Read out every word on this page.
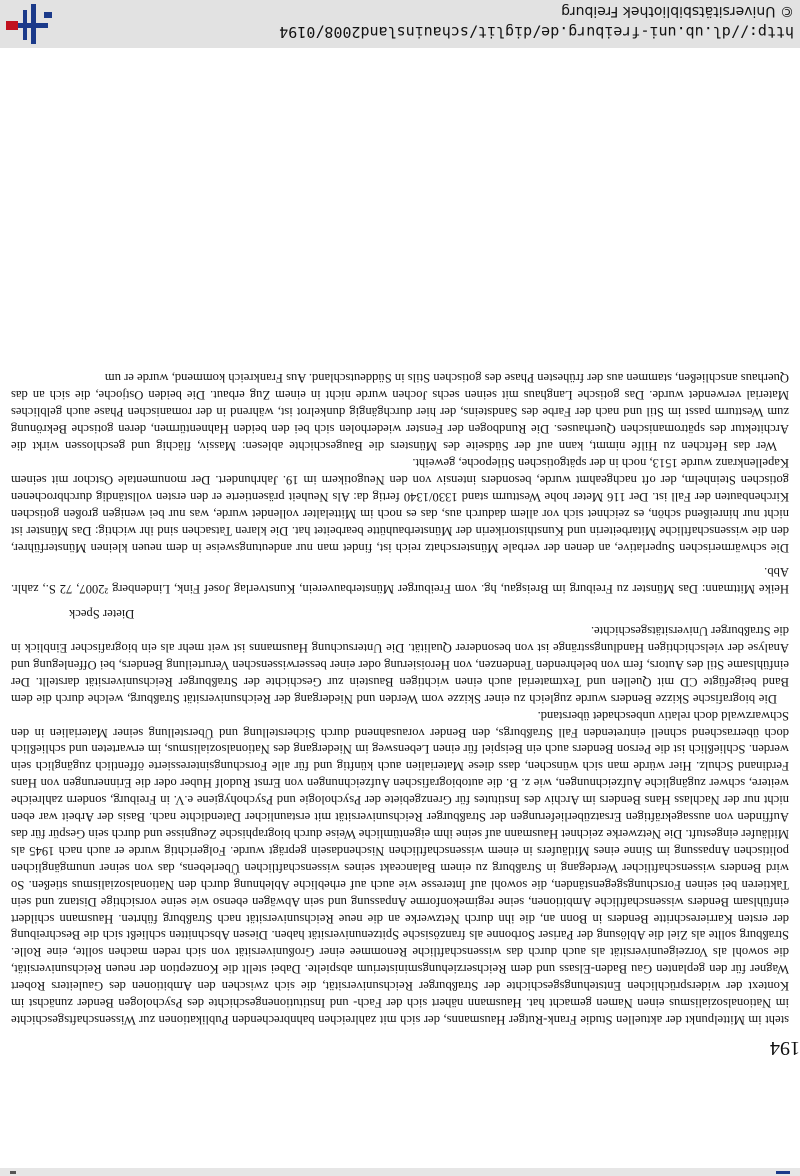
steht im Mittelpunkt der aktuellen Studie Frank-Rutger Hausmanns, der sich mit zahlreichen bahnbrechenden Publikationen zur Wissenschaftsgeschichte im Nationalsozialismus einen Namen gemacht hat. Hausmann nähert sich der Fach- und Institutionengeschichte des Psychologen Bender zunächst im Kontext der widersprüchlichen Entstehungsgeschichte der Straßburger Reichsuniversität, die sich zwischen den Ambitionen des Gauleiters Robert Wagner für den geplanten Gau Baden-Elsass und dem Reichserziehungsministerium abspielte. Dabei stellt die Konzeption der neuen Reichsuniversität, die sowohl als Vorzeigeuniversität als auch durch das wissenschaftliche Renommee einer Großuniversität von sich reden machen sollte, eine Rolle. Straßburg sollte als Ziel die Ablösung der Pariser Sorbonne als französische Spitzenuniversität haben. Diesen Abschnitten schließt sich die Beschreibung der ersten Karriereschritte Benders in Bonn an, die ihn durch Netzwerke an die neue Reichsuniversität nach Straßburg führten. Hausmann schildert einfühlsam Benders wissenschaftliche Ambitionen, seine regimekonforme Anpassung und sein Abwägen ebenso wie seine vorsichtige Distanz und sein Taktieren bei seinen Forschungsgegenständen, die sowohl auf Interesse wie auch auf erhebliche Ablehnung durch den Nationalsozialismus stießen. So wird Benders wissenschaftlicher Werdegang in Straßburg zu einem Balanceakt seines wissenschaftlichen Überlebens, das von seiner unumgänglichen politischen Anpassung im Sinne eines Mitläufers in einem wissenschaftlichen Nischendasein geprägt wurde. Folgerichtig wurde er auch nach 1945 als Mitläufer eingestuft. Die Netzwerke zeichnet Hausmann auf seine ihm eigentümliche Weise durch biographische Zeugnisse und durch sein Gespür für das Auffinden von aussagekräftigen Ersatzüberlieferungen der Straßburger Reichsuniversität mit erstaunlicher Datendichte nach. Basis der Arbeit war eben nicht nur der Nachlass Hans Benders im Archiv des Institutes für Grenzgebiete der Psychologie und Psychohygiene e.V. in Freiburg, sondern zahlreiche weitere, schwer zugängliche Aufzeichnungen, wie z. B. die autobiografischen Aufzeichnungen von Ernst Rudolf Huber oder die Erinnerungen von Hans Ferdinand Schulz. Hier würde man sich wünschen, dass diese Materialien auch künftig und für alle Forschungsinteressierte öffentlich zugänglich sein werden. Schließlich ist die Person Benders auch ein Beispiel für einen Lebensweg im Niedergang des Nationalsozialismus, im erwarteten und schließlich doch überraschend schnell eintretenden Fall Straßburgs, den Bender vorausahnend durch Sicherstellung und Überstellung seiner Materialien in den Schwarzwald doch relativ unbeschadet überstand.

Die biografische Skizze Benders wurde zugleich zu einer Skizze vom Werden und Niedergang der Reichsuniversität Straßburg, welche durch die dem Band beigefügte CD mit Quellen und Textmaterial auch einen wichtigen Baustein zur Geschichte der Straßburger Reichsuniversität darstellt. Der einfühlsame Stil des Autors, fern von belehrenden Tendenzen, von Heroisierung oder einer besserwissenschen Verurteilung Benders, bei Offenlegung und Analyse der vielschichtigen Handlungsstränge ist von besonderer Qualität. Die Untersuchung Hausmanns ist weit mehr als ein biografischer Einblick in die Straßburger Universitätsgeschichte.

Dieter Speck

Heike Mittmann: Das Münster zu Freiburg im Breisgau, hg. vom Freiburger Münsterbauverein, Kunstverlag Josef Fink, Lindenberg ²2007, 72 S., zahlr. Abb.

Die schwärmerischen Superlative, an denen der verbale Münsterschatz reich ist, findet man nur andeutungsweise in dem neuen kleinen Münsterführer, den die wissenschaftliche Mitarbeiterin und Kunsthistorikerin der Münsterbauhütte bearbeitet hat. Die klaren Tatsachen sind ihr wichtig: Das Münster ist nicht nur hinreißend schön, es zeichnet sich vor allem dadurch aus, das es noch im Mittelalter vollendet wurde, was nur bei wenigen großen gotischen Kirchenbauten der Fall ist. Der 116 Meter hohe Westturm stand 1330/1340 fertig da: Als Neuheit präsentierte er den ersten vollständig durchbrochenen gotischen Steinhelm, der oft nachgeahmt wurde, besonders intensiv von den Neugotikern im 19. Jahrhundert. Der monumentale Ostchor mit seinem Kapellenkranz wurde 1513, noch in der spätgotischen Stilepoche, geweiht.

Wer das Heftchen zu Hilfe nimmt, kann auf der Südseite des Münsters die Baugeschichte ablesen: Massiv, flächig und geschlossen wirkt die Architektur des spätromanischen Querhauses. Die Rundbogen der Fenster wiederholen sich bei den beiden Hahnentürmen, deren gotische Bekrönung zum Westturm passt im Stil und nach der Farbe des Sandsteins, der hier durchgängig dunkelrot ist, während in der romanischen Phase auch gelbliches Material verwendet wurde. Das gotische Langhaus mit seinen sechs Jochen wurde nicht in einem Zug erbaut. Die beiden Ostjoche, die sich an das Querhaus anschließen, stammen aus der frühesten Phase des gotischen Stils in Süddeutschland. Aus Frankreich kommend, wurde er um

194
http://dl.ub.uni-freiburg.de/diglit/schauinsland2008/0194
© Universitätsbibliothek Freiburg
